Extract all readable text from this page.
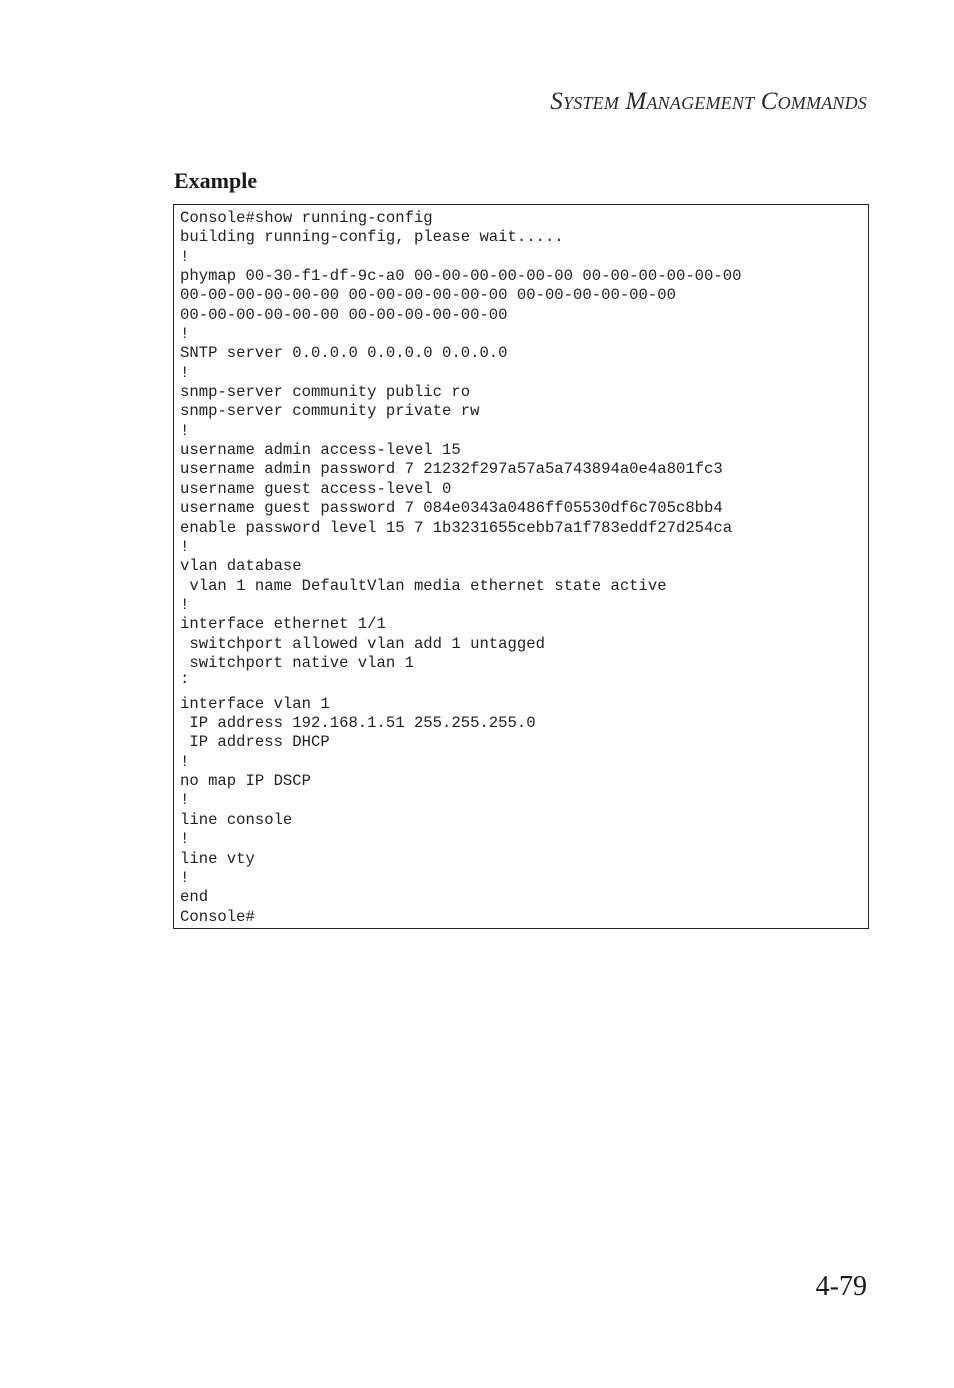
System Management Commands
Example
Console#show running-config
building running-config, please wait.....
!
phymap 00-30-f1-df-9c-a0 00-00-00-00-00-00 00-00-00-00-00-00
00-00-00-00-00-00 00-00-00-00-00-00 00-00-00-00-00-00
00-00-00-00-00-00 00-00-00-00-00-00
!
SNTP server 0.0.0.0 0.0.0.0 0.0.0.0
!
snmp-server community public ro
snmp-server community private rw
!
username admin access-level 15
username admin password 7 21232f297a57a5a743894a0e4a801fc3
username guest access-level 0
username guest password 7 084e0343a0486ff05530df6c705c8bb4
enable password level 15 7 1b3231655cebb7a1f783eddf27d254ca
!
vlan database
vlan 1 name DefaultVlan media ethernet state active
!
interface ethernet 1/1
switchport allowed vlan add 1 untagged
switchport native vlan 1
:
interface vlan 1
IP address 192.168.1.51 255.255.255.0
IP address DHCP
!
no map IP DSCP
!
line console
!
line vty
!
end
Console#
4-79
